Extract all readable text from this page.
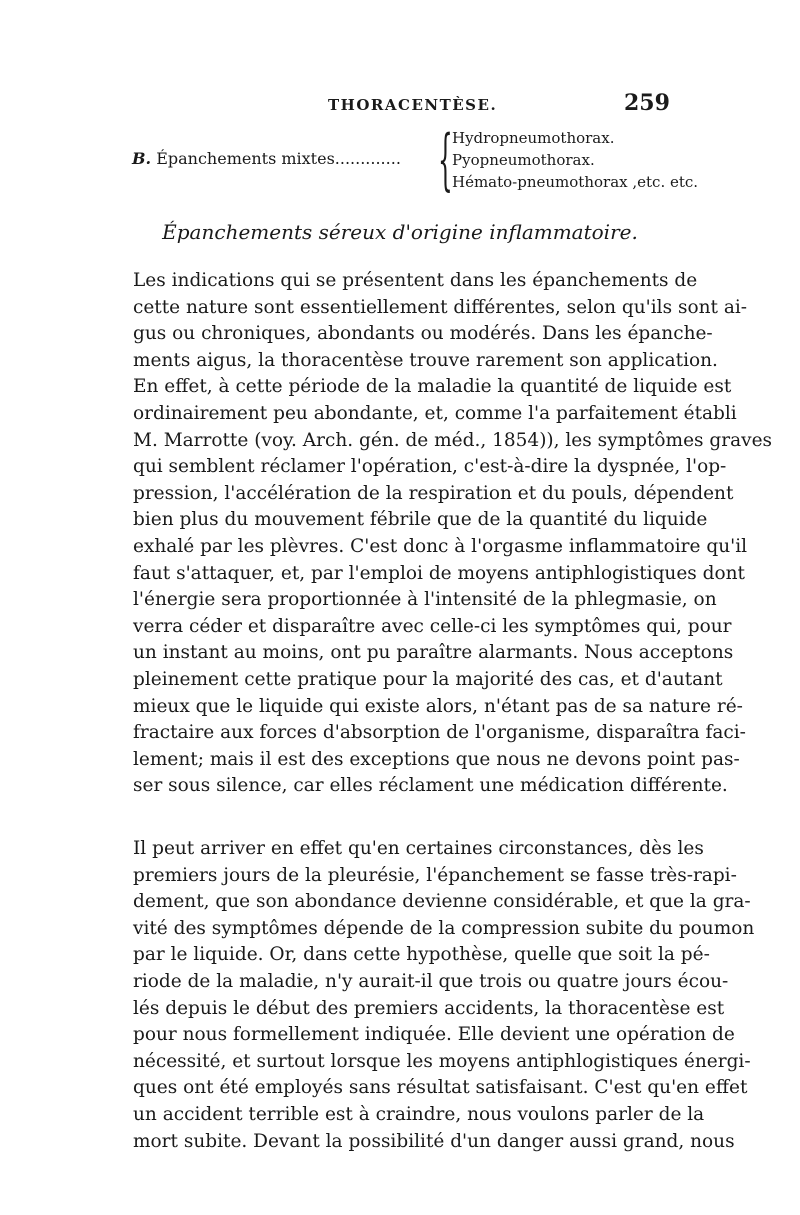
THORACENTÈSE.	259
B. Épanchements mixtes............. { Hydropneumothorax.
Pyopneumothorax.
Hémato-pneumothorax ,etc. etc.
Épanchements séreux d'origine inflammatoire.
Les indications qui se présentent dans les épanchements de
cette nature sont essentiellement différentes, selon qu'ils sont ai-
gus ou chroniques, abondants ou modérés. Dans les épanche-
ments aigus, la thoracentèse trouve rarement son application.
En effet, à cette période de la maladie la quantité de liquide est
ordinairement peu abondante, et, comme l'a parfaitement établi
M. Marrotte (voy. Arch. gén. de méd., 1854)), les symptômes graves
qui semblent réclamer l'opération, c'est-à-dire la dyspnée, l'op-
pression, l'accélération de la respiration et du pouls, dépendent
bien plus du mouvement fébrile que de la quantité du liquide
exhalé par les plèvres. C'est donc à l'orgasme inflammatoire qu'il
faut s'attaquer, et, par l'emploi de moyens antiphlogistiques dont
l'énergie sera proportionnée à l'intensité de la phlegmasie, on
verra céder et disparaître avec celle-ci les symptômes qui, pour
un instant au moins, ont pu paraître alarmants. Nous acceptons
pleinement cette pratique pour la majorité des cas, et d'autant
mieux que le liquide qui existe alors, n'étant pas de sa nature ré-
fractaire aux forces d'absorption de l'organisme, disparaîtra faci-
lement; mais il est des exceptions que nous ne devons point pas-
ser sous silence, car elles réclament une médication différente.
Il peut arriver en effet qu'en certaines circonstances, dès les
premiers jours de la pleurésie, l'épanchement se fasse très-rapi-
dement, que son abondance devienne considérable, et que la gra-
vité des symptômes dépende de la compression subite du poumon
par le liquide. Or, dans cette hypothèse, quelle que soit la pé-
riode de la maladie, n'y aurait-il que trois ou quatre jours écou-
lés depuis le début des premiers accidents, la thoracentèse est
pour nous formellement indiquée. Elle devient une opération de
nécessité, et surtout lorsque les moyens antiphlogistiques énergi-
ques ont été employés sans résultat satisfaisant. C'est qu'en effet
un accident terrible est à craindre, nous voulons parler de la
mort subite. Devant la possibilité d'un danger aussi grand, nous
